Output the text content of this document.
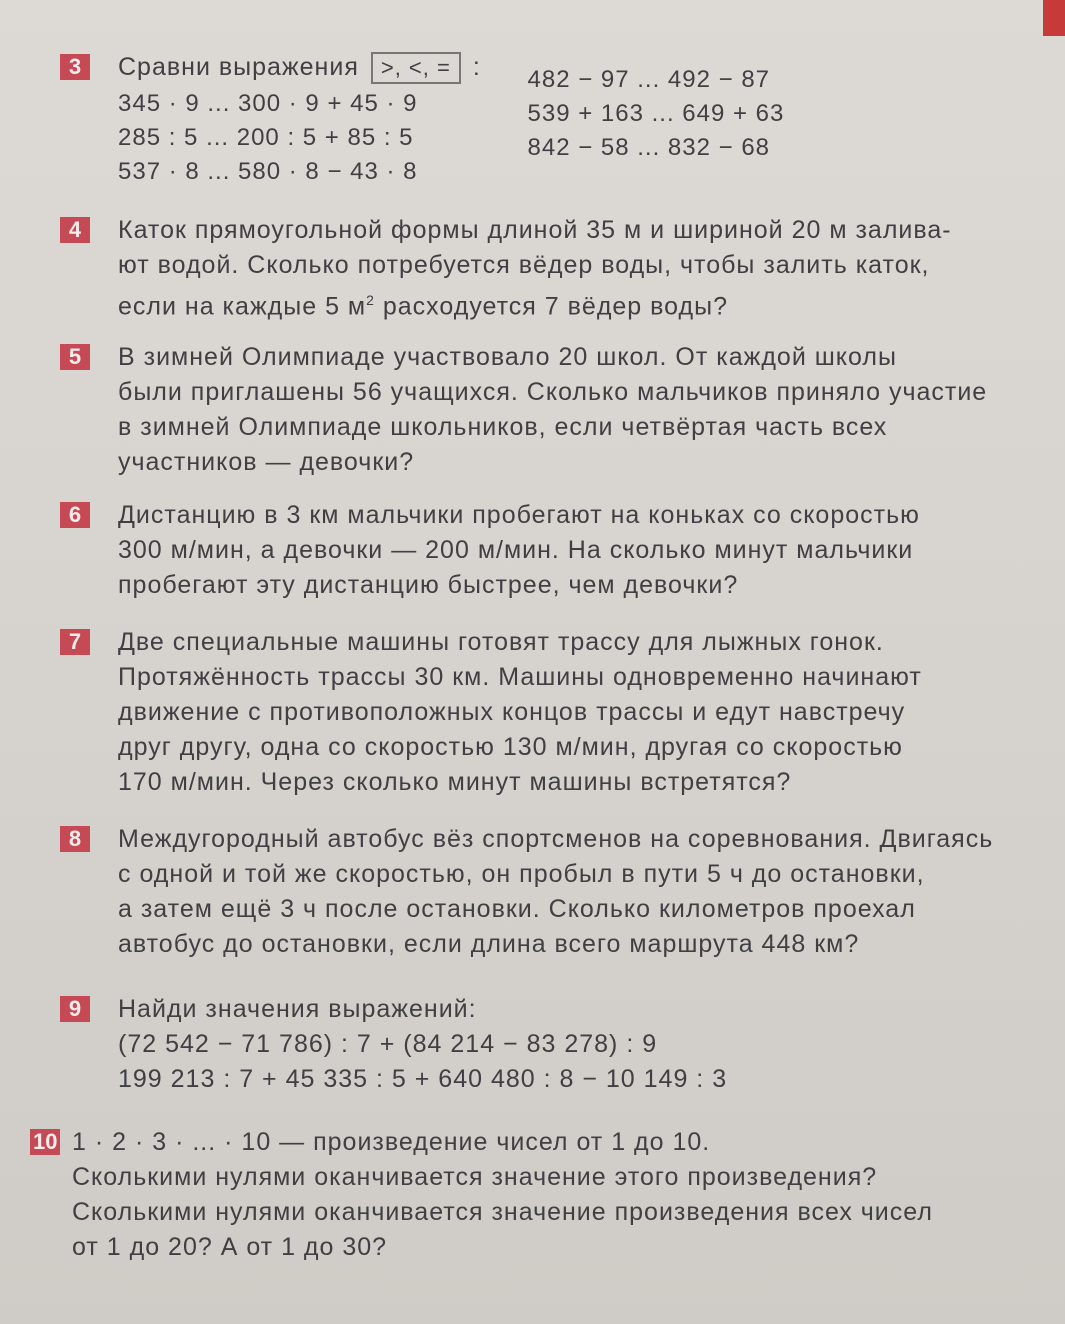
3	Сравни выражения	>, <, = :
345 · 9 ... 300 · 9 + 45 · 9
285 : 5 ... 200 : 5 + 85 : 5
537 · 8 ... 580 · 8 − 43 · 8
482 − 97 ... 492 − 87
539 + 163 ... 649 + 63
842 − 58 ... 832 − 68
4	Каток прямоугольной формы длиной 35 м и шириной 20 м залива-
ют водой. Сколько потребуется вёдер воды, чтобы залить каток,
если на каждые 5 $м^2$ расходуется 7 вёдер воды?
5	В зимней Олимпиаде участвовало 20 школ. От каждой школы
были приглашены 56 учащихся. Сколько мальчиков приняло участие
в зимней Олимпиаде школьников, если четвёртая часть всех
участников — девочки?
6	Дистанцию в 3 км мальчики пробегают на коньках со скоростью
300 м/мин, а девочки — 200 м/мин. На сколько минут мальчики
пробегают эту дистанцию быстрее, чем девочки?
7	Две специальные машины готовят трассу для лыжных гонок.
Протяжённость трассы 30 км. Машины одновременно начинают
движение с противоположных концов трассы и едут навстречу
друг другу, одна со скоростью 130 м/мин, другая со скоростью
170 м/мин. Через сколько минут машины встретятся?
8	Междугородный автобус вёз спортсменов на соревнования. Двигаясь
с одной и той же скоростью, он пробыл в пути 5 ч до остановки,
а затем ещё 3 ч после остановки. Сколько километров проехал
автобус до остановки, если длина всего маршрута 448 км?
9	Найди значения выражений:
(72 542 − 71 786) : 7 + (84 214 − 83 278) : 9
199 213 : 7 + 45 335 : 5 + 640 480 : 8 − 10 149 : 3
10 1 · 2 · 3 · ... · 10 — произведение чисел от 1 до 10.
Сколькими нулями оканчивается значение этого произведения?
Сколькими нулями оканчивается значение произведения всех чисел
от 1 до 20? А от 1 до 30?
